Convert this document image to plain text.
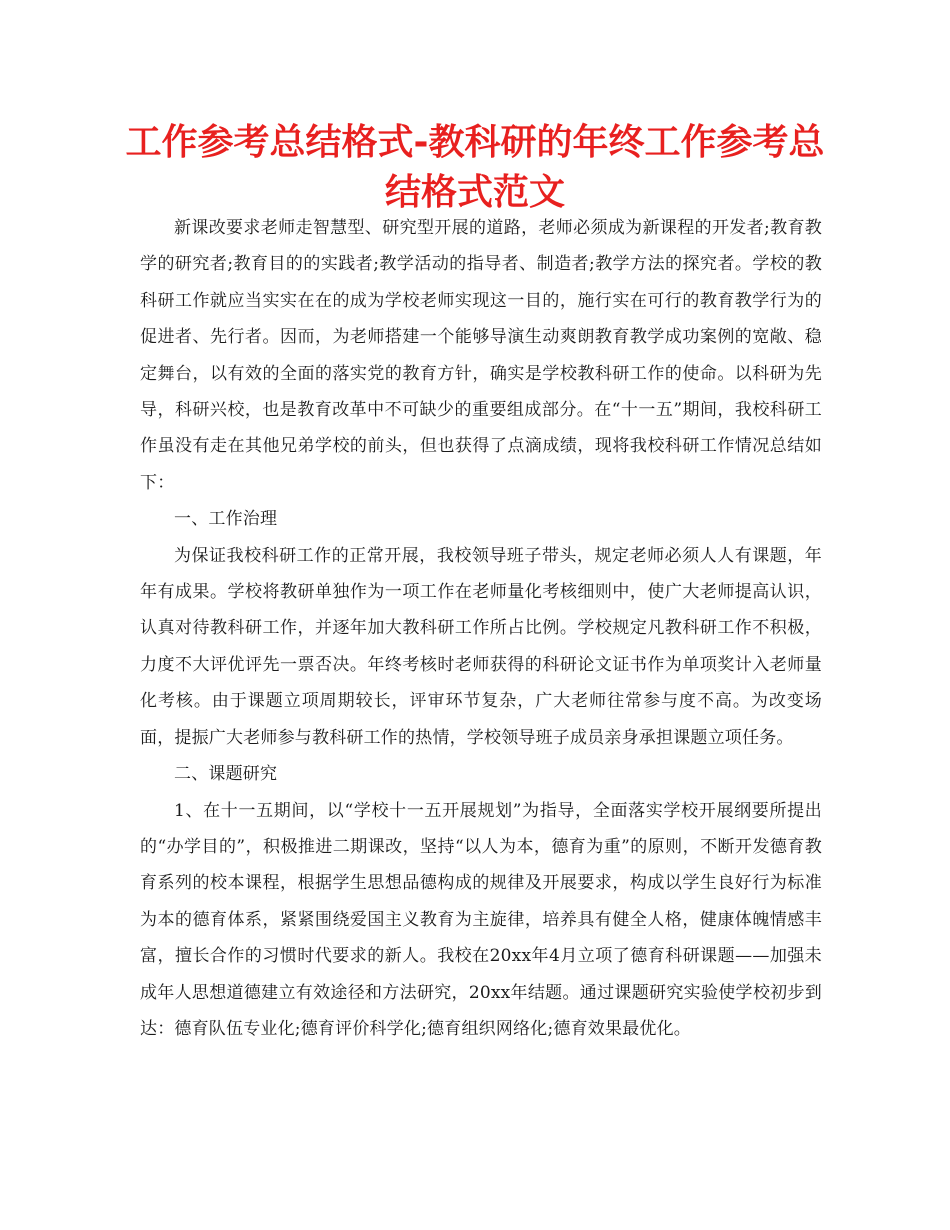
工作参考总结格式-教科研的年终工作参考总结格式范文

新课改要求老师走智慧型、研究型开展的道路，老师必须成为新课程的开发者;教育教学的研究者;教育目的的实践者;教学活动的指导者、制造者;教学方法的探究者。学校的教科研工作就应当实实在在的成为学校老师实现这一目的，施行实在可行的教育教学行为的促进者、先行者。因而，为老师搭建一个能够导演生动爽朗教育教学成功案例的宽敞、稳定舞台，以有效的全面的落实党的教育方针，确实是学校教科研工作的使命。以科研为先导，科研兴校，也是教育改革中不可缺少的重要组成部分。在“十一五”期间，我校科研工作虽没有走在其他兄弟学校的前头，但也获得了点滴成绩，现将我校科研工作情况总结如下：

一、工作治理

为保证我校科研工作的正常开展，我校领导班子带头，规定老师必须人人有课题，年年有成果。学校将教研单独作为一项工作在老师量化考核细则中，使广大老师提高认识，认真对待教科研工作，并逐年加大教科研工作所占比例。学校规定凡教科研工作不积极，力度不大评优评先一票否决。年终考核时老师获得的科研论文证书作为单项奖计入老师量化考核。由于课题立项周期较长，评审环节复杂，广大老师往常参与度不高。为改变场面，提振广大老师参与教科研工作的热情，学校领导班子成员亲身承担课题立项任务。

二、课题研究

1、在十一五期间，以“学校十一五开展规划”为指导，全面落实学校开展纲要所提出的“办学目的”，积极推进二期课改，坚持“以人为本，德育为重”的原则，不断开发德育教育系列的校本课程，根据学生思想品德构成的规律及开展要求，构成以学生良好行为标准为本的德育体系，紧紧围绕爱国主义教育为主旋律，培养具有健全人格，健康体魄情感丰富，擅长合作的习惯时代要求的新人。我校在20xx年4月立项了德育科研课题——加强未成年人思想道德建立有效途径和方法研究，20xx年结题。通过课题研究实验使学校初步到达：德育队伍专业化;德育评价科学化;德育组织网络化;德育效果最优化。
